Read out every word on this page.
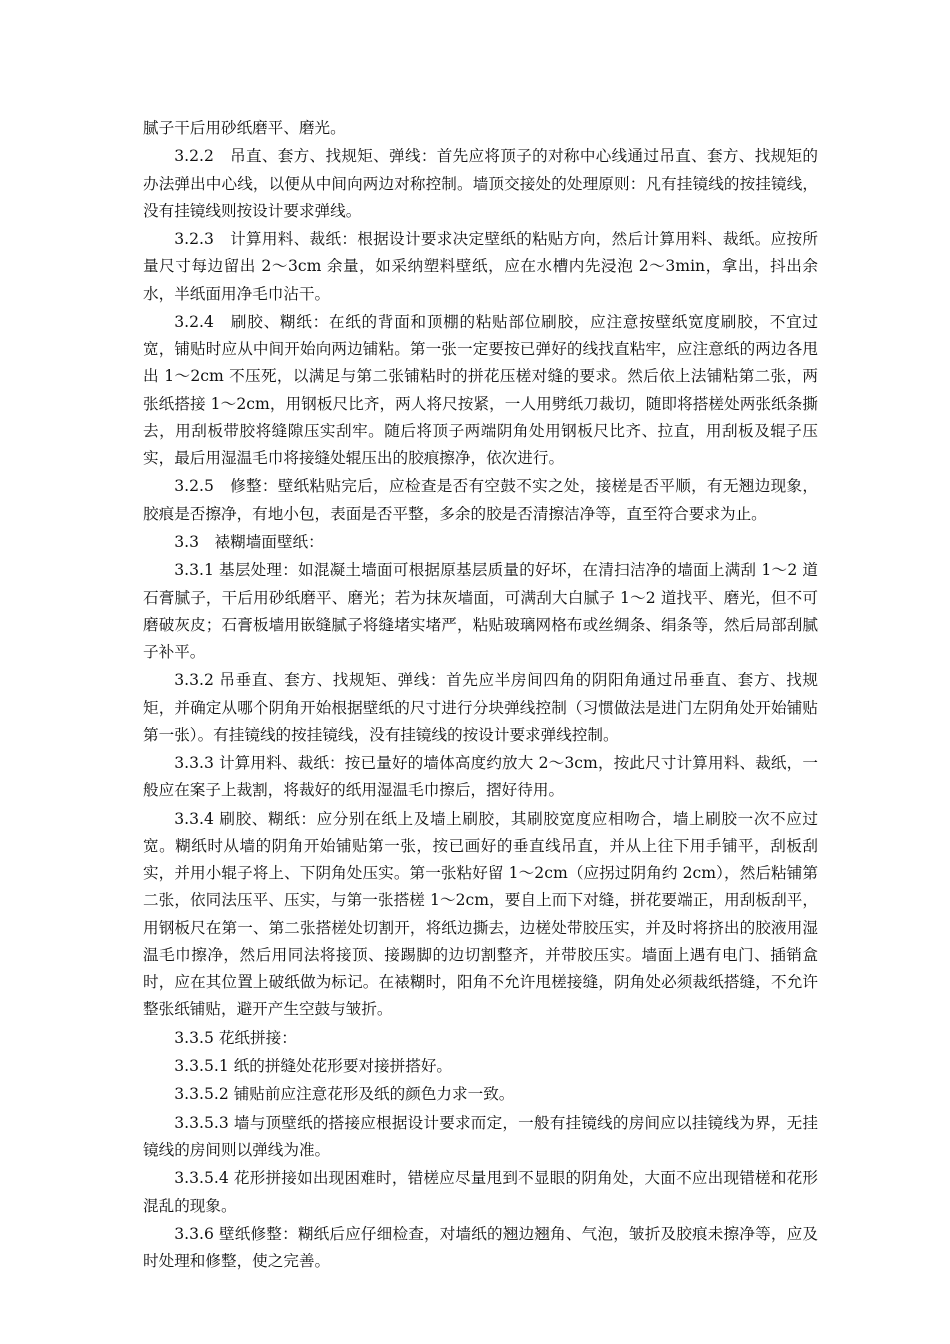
腻子干后用砂纸磨平、磨光。

3.2.2　吊直、套方、找规矩、弹线：首先应将顶子的对称中心线通过吊直、套方、找规矩的办法弹出中心线，以便从中间向两边对称控制。墙顶交接处的处理原则：凡有挂镜线的按挂镜线，没有挂镜线则按设计要求弹线。

3.2.3　计算用料、裁纸：根据设计要求决定壁纸的粘贴方向，然后计算用料、裁纸。应按所量尺寸每边留出 2～3cm 余量，如采纳塑料壁纸，应在水槽内先浸泡 2～3min，拿出，抖出余水，半纸面用净毛巾沾干。

3.2.4　刷胶、糊纸：在纸的背面和顶棚的粘贴部位刷胶，应注意按壁纸宽度刷胶，不宜过宽，铺贴时应从中间开始向两边铺粘。第一张一定要按已弹好的线找直粘牢，应注意纸的两边各甩出 1～2cm 不压死，以满足与第二张铺粘时的拼花压槎对缝的要求。然后依上法铺粘第二张，两张纸搭接 1～2cm，用钢板尺比齐，两人将尺按紧，一人用劈纸刀裁切，随即将搭槎处两张纸条撕去，用刮板带胶将缝隙压实刮牢。随后将顶子两端阴角处用钢板尺比齐、拉直，用刮板及辊子压实，最后用湿温毛巾将接缝处辊压出的胶痕擦净，依次进行。

3.2.5　修整：壁纸粘贴完后，应检查是否有空鼓不实之处，接槎是否平顺，有无翘边现象，胶痕是否擦净，有地小包，表面是否平整，多余的胶是否清擦洁净等，直至符合要求为止。

3.3　裱糊墙面壁纸：

3.3.1 基层处理：如混凝土墙面可根据原基层质量的好坏，在清扫洁净的墙面上满刮 1～2 道石膏腻子，干后用砂纸磨平、磨光；若为抹灰墙面，可满刮大白腻子 1～2 道找平、磨光，但不可磨破灰皮；石膏板墙用嵌缝腻子将缝堵实堵严，粘贴玻璃网格布或丝绸条、绢条等，然后局部刮腻子补平。

3.3.2 吊垂直、套方、找规矩、弹线：首先应半房间四角的阴阳角通过吊垂直、套方、找规矩，并确定从哪个阴角开始根据壁纸的尺寸进行分块弹线控制（习惯做法是进门左阴角处开始铺贴第一张）。有挂镜线的按挂镜线，没有挂镜线的按设计要求弹线控制。

3.3.3 计算用料、裁纸：按已量好的墙体高度约放大 2～3cm，按此尺寸计算用料、裁纸，一般应在案子上裁割，将裁好的纸用湿温毛巾擦后，摺好待用。

3.3.4 刷胶、糊纸：应分别在纸上及墙上刷胶，其刷胶宽度应相吻合，墙上刷胶一次不应过宽。糊纸时从墙的阴角开始铺贴第一张，按已画好的垂直线吊直，并从上往下用手铺平，刮板刮实，并用小辊子将上、下阴角处压实。第一张粘好留 1～2cm（应拐过阴角约 2cm），然后粘铺第二张，依同法压平、压实，与第一张搭槎 1～2cm，要自上而下对缝，拼花要端正，用刮板刮平，用钢板尺在第一、第二张搭槎处切割开，将纸边撕去，边槎处带胶压实，并及时将挤出的胶液用湿温毛巾擦净，然后用同法将接顶、接踢脚的边切割整齐，并带胶压实。墙面上遇有电门、插销盒时，应在其位置上破纸做为标记。在裱糊时，阳角不允许甩槎接缝，阴角处必须裁纸搭缝，不允许整张纸铺贴，避开产生空鼓与皱折。

3.3.5 花纸拼接：

3.3.5.1 纸的拼缝处花形要对接拼搭好。

3.3.5.2 铺贴前应注意花形及纸的颜色力求一致。

3.3.5.3 墙与顶壁纸的搭接应根据设计要求而定，一般有挂镜线的房间应以挂镜线为界，无挂镜线的房间则以弹线为准。

3.3.5.4 花形拼接如出现困难时，错槎应尽量甩到不显眼的阴角处，大面不应出现错槎和花形混乱的现象。

3.3.6 壁纸修整：糊纸后应仔细检查，对墙纸的翘边翘角、气泡，皱折及胶痕未擦净等，应及时处理和修整，使之完善。
